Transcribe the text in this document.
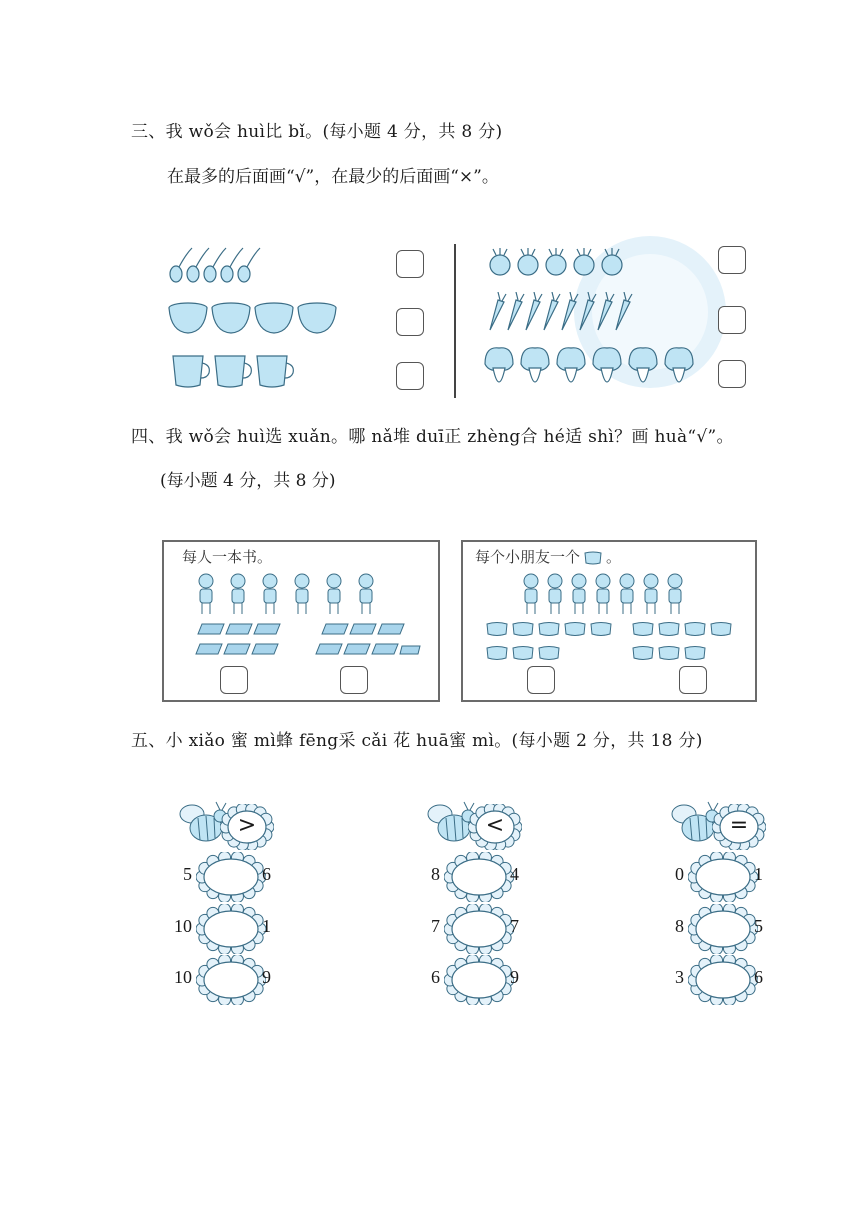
三、我 wǒ会 huì比 bǐ。(每小题 4 分，共 8 分)
在最多的后面画“√”，在最少的后面画“×”。
四、我 wǒ会 huì选 xuǎn。哪 nǎ堆 duī正 zhèng合 hé适 shì？画 huà“√”。
(每小题 4 分，共 8 分)
每人一本书。	每个小朋友一个 。
五、小 xiǎo 蜜 mì蜂 fēng采 cǎi 花 huā蜜 mì。(每小题 2 分，共 18 分)
>
5	6
10	1
10	9
<
8	4
7	7
6	9
=
0	1
8	5
3	6
